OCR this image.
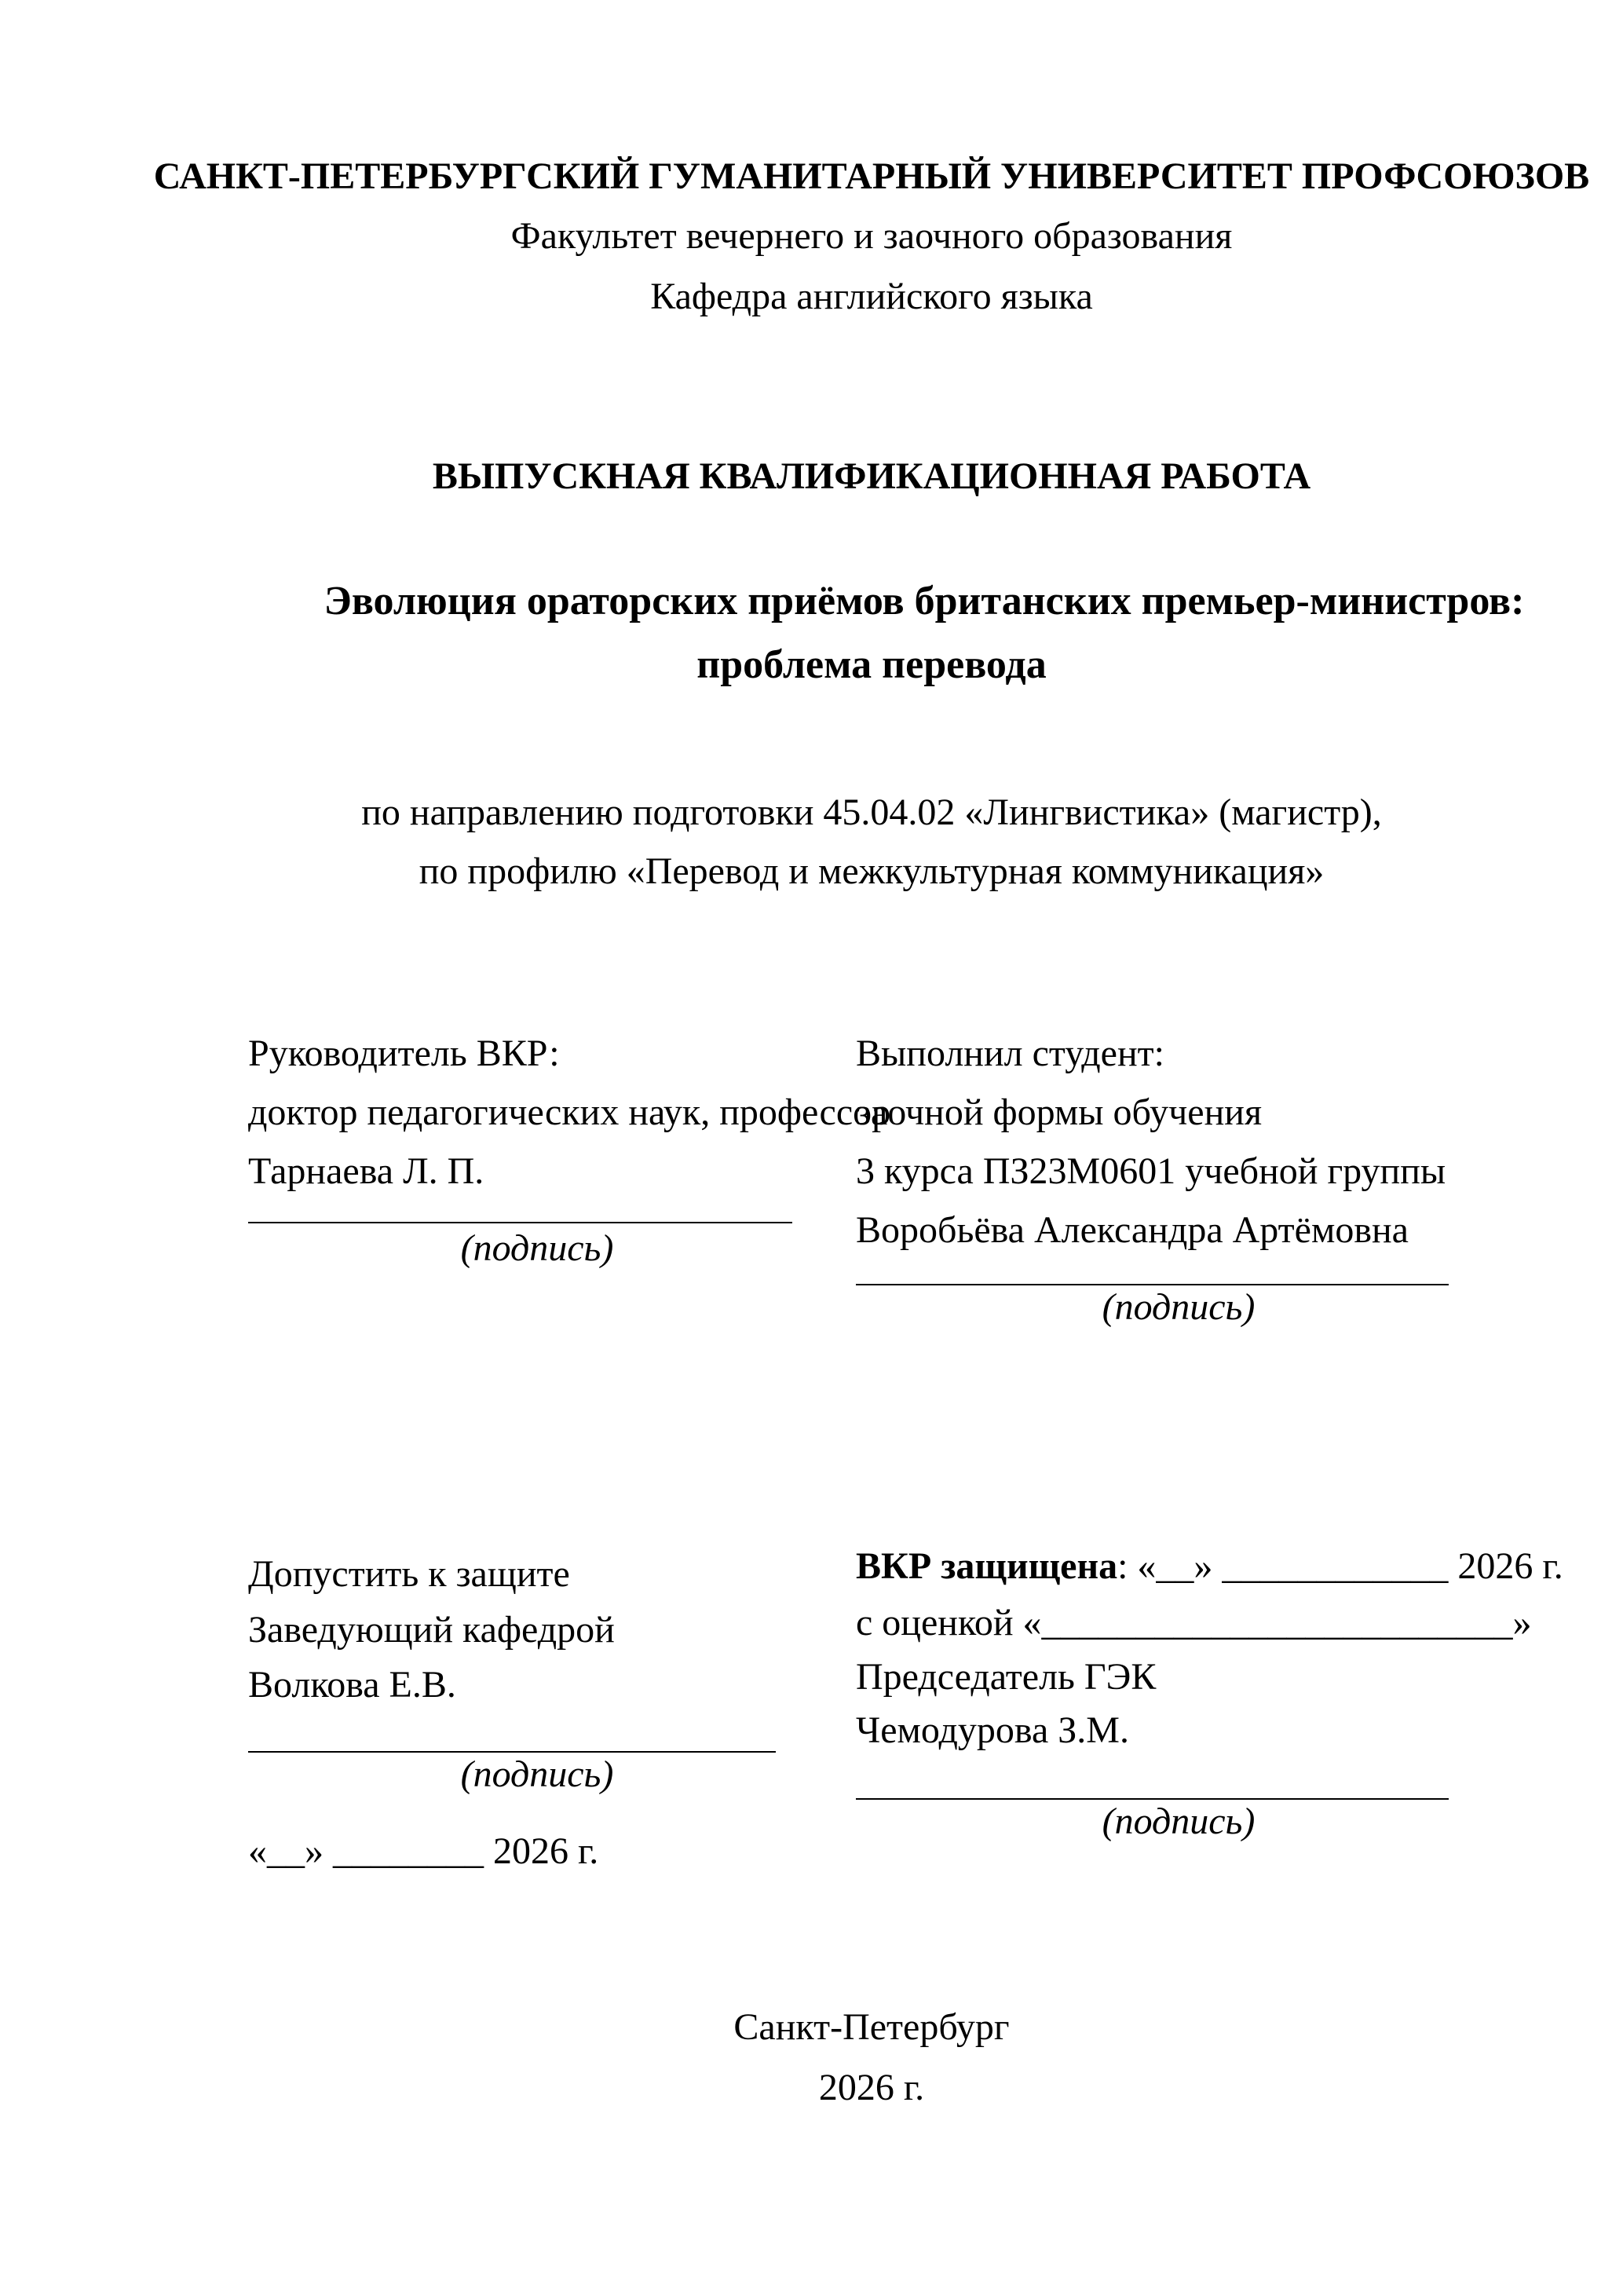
САНКТ-ПЕТЕРБУРГСКИЙ ГУМАНИТАРНЫЙ УНИВЕРСИТЕТ ПРОФСОЮЗОВ
Факультет вечернего и заочного образования
Кафедра английского языка
ВЫПУСКНАЯ КВАЛИФИКАЦИОННАЯ РАБОТА
Эволюция ораторских приёмов британских премьер-министров:
проблема перевода
по направлению подготовки 45.04.02 «Лингвистика» (магистр),
по профилю «Перевод и межкультурная коммуникация»
Руководитель ВКР:
доктор педагогических наук, профессор
Тарнаева Л. П.
(подпись)
Выполнил студент:
заочной формы обучения
3 курса ПЗ23М0601 учебной группы
Воробьёва Александра Артёмовна
(подпись)
Допустить к защите
Заведующий кафедрой
Волкова Е.В.
(подпись)
«__» ________ 2026 г.
ВКР защищена: «__» ____________ 2026 г.
с оценкой «_________________________»
Председатель ГЭК
Чемодурова З.М.
(подпись)
Санкт-Петербург
2026 г.
